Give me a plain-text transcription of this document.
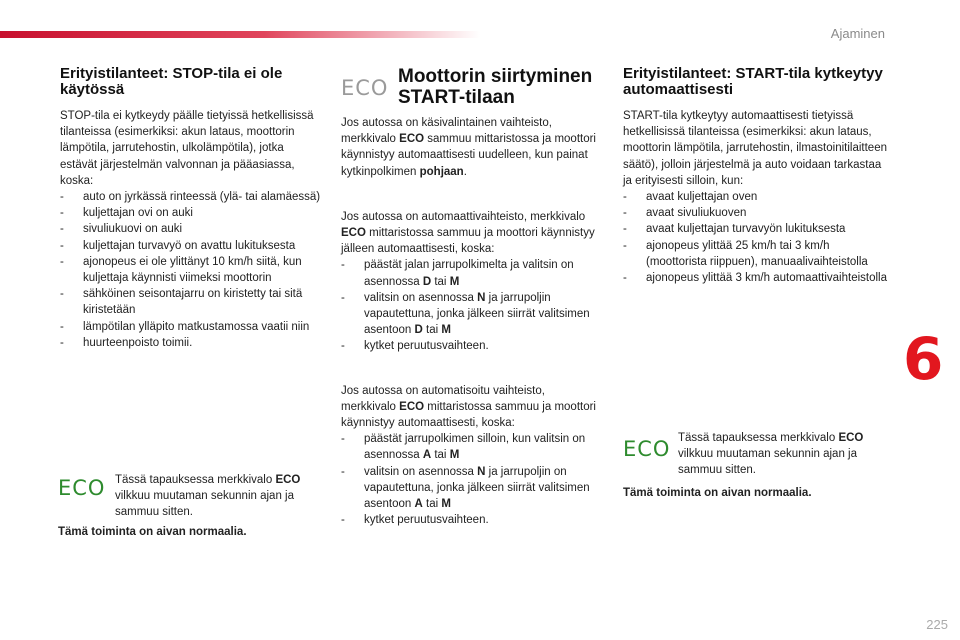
Ajaminen
6
225
Erityistilanteet: STOP-tila ei ole käytössä

STOP-tila ei kytkeydy päälle tietyissä hetkellisissä tilanteissa (esimerkiksi: akun lataus, moottorin lämpötila, jarrutehostin, ulkolämpötila), jotka estävät järjestelmän valvonnan ja pääasiassa, koska:

- auto on jyrkässä rinteessä (ylä- tai alamäessä)
- kuljettajan ovi on auki
- sivuliukuovi on auki
- kuljettajan turvavyö on avattu lukituksesta
- ajonopeus ei ole ylittänyt 10 km/h siitä, kun kuljettaja käynnisti viimeksi moottorin
- sähköinen seisontajarru on kiristetty tai sitä kiristetään
- lämpötilan ylläpito matkustamossa vaatii niin
- huurteenpoisto toimii.
ECO Tässä tapauksessa merkkivalo ECO vilkkuu muutaman sekunnin ajan ja sammuu sitten.

Tämä toiminta on aivan normaalia.

ECO Moottorin siirtyminen
START-tilaan

Jos autossa on käsivalintainen vaihteisto, merkkivalo ECO sammuu mittaristossa ja moottori käynnistyy automaattisesti uudelleen, kun painat kytkinpolkimen pohjaan.

Jos autossa on automaattivaihteisto, merkkivalo ECO mittaristossa sammuu ja moottori käynnistyy jälleen automaattisesti, koska:

- päästät jalan jarrupolkimelta ja valitsin on asennossa D tai M
- valitsin on asennossa N ja jarrupoljin vapautettuna, jonka jälkeen siirrät valitsimen asentoon D tai M
- kytket peruutusvaihteen.

Jos autossa on automatisoitu vaihteisto, merkkivalo ECO mittaristossa sammuu ja moottori käynnistyy automaattisesti, koska:

- päästät jarrupolkimen silloin, kun valitsin on asennossa A tai M
- valitsin on asennossa N ja jarrupoljin on vapautettuna, jonka jälkeen siirrät valitsimen asentoon A tai M
- kytket peruutusvaihteen.
Erityistilanteet: START-tila kytkeytyy automaattisesti

START-tila kytkeytyy automaattisesti tietyissä hetkellisissä tilanteissa (esimerkiksi: akun lataus, moottorin lämpötila, jarrutehostin, ilmastoinitilaitteen säätö), jolloin järjestelmä ja auto voidaan tarkastaa ja erityisesti silloin, kun:

- avaat kuljettajan oven
- avaat sivuliukuoven
- avaat kuljettajan turvavyön lukituksesta
- ajonopeus ylittää 25 km/h tai 3 km/h (moottorista riippuen), manuaalivaihteistolla
- ajonopeus ylittää 3 km/h automaattivaihteistolla
ECO Tässä tapauksessa merkkivalo ECO vilkkuu muutaman sekunnin ajan ja sammuu sitten.

Tämä toiminta on aivan normaalia.
